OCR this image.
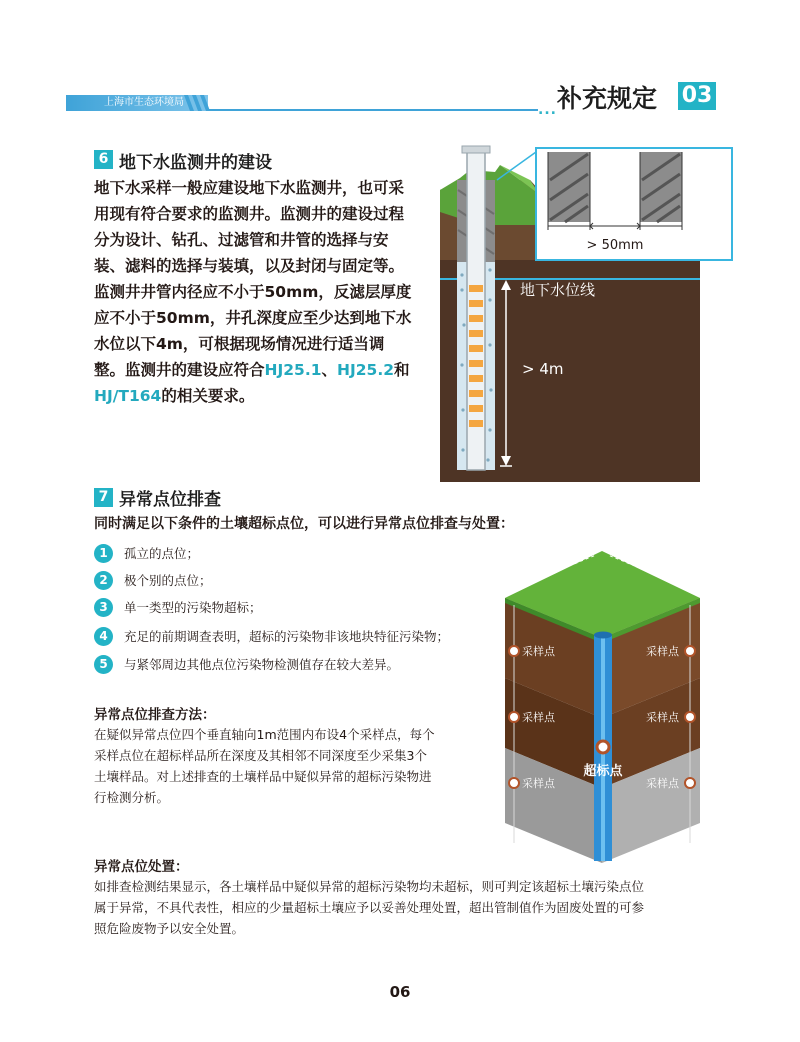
上海市生态环境局	... 补充规定 03
6 地下水监测井的建设
地下水采样一般应建设地下水监测井，也可采
用现有符合要求的监测井。监测井的建设过程
分为设计、钻孔、过滤管和井管的选择与安
装、滤料的选择与装填，以及封闭与固定等。
监测井井管内径应不小于50mm，反滤层厚度
应不小于50mm，井孔深度应至少达到地下水
水位以下4m，可根据现场情况进行适当调
整。监测井的建设应符合HJ25.1、HJ25.2和
HJ/T164的相关要求。
地下水位线
> 4m
> 50mm
7 异常点位排查
同时满足以下条件的土壤超标点位，可以进行异常点位排查与处置：
1	孤立的点位；
2	极个别的点位；
3	单一类型的污染物超标；
4	充足的前期调查表明，超标的污染物非该地块特征污染物；
5	与紧邻周边其他点位污染物检测值存在较大差异。
异常点位排查方法：
在疑似异常点位四个垂直轴向1m范围内布设4个采样点，每个
采样点位在超标样品所在深度及其相邻不同深度至少采集3个
土壤样品。对上述排查的土壤样品中疑似异常的超标污染物进
行检测分析。
1m	1m
采样点
采样点
采样点
采样点
采样点
采样点
超标点
异常点位处置：
如排查检测结果显示，各土壤样品中疑似异常的超标污染物均未超标，则可判定该超标土壤污染点位
属于异常，不具代表性，相应的少量超标土壤应予以妥善处理处置，超出管制值作为固废处置的可参
照危险废物予以安全处置。
06
